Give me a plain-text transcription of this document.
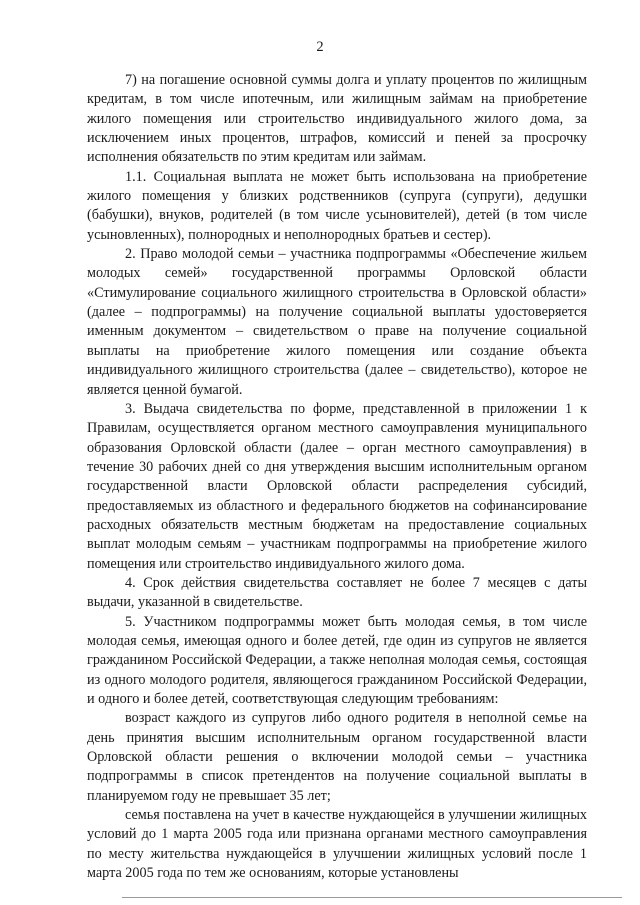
2

7) на погашение основной суммы долга и уплату процентов по жилищным кредитам, в том числе ипотечным, или жилищным займам на приобретение жилого помещения или строительство индивидуального жилого дома, за исключением иных процентов, штрафов, комиссий и пеней за просрочку исполнения обязательств по этим кредитам или займам.

1.1. Социальная выплата не может быть использована на приобретение жилого помещения у близких родственников (супруга (супруги), дедушки (бабушки), внуков, родителей (в том числе усыновителей), детей (в том числе усыновленных), полнородных и неполнородных братьев и сестер).

2. Право молодой семьи – участника подпрограммы «Обеспечение жильем молодых семей» государственной программы Орловской области «Стимулирование социального жилищного строительства в Орловской области» (далее – подпрограммы) на получение социальной выплаты удостоверяется именным документом – свидетельством о праве на получение социальной выплаты на приобретение жилого помещения или создание объекта индивидуального жилищного строительства (далее – свидетельство), которое не является ценной бумагой.

3. Выдача свидетельства по форме, представленной в приложении 1 к Правилам, осуществляется органом местного самоуправления муниципального образования Орловской области (далее – орган местного самоуправления) в течение 30 рабочих дней со дня утверждения высшим исполнительным органом государственной власти Орловской области распределения субсидий, предоставляемых из областного и федерального бюджетов на софинансирование расходных обязательств местным бюджетам на предоставление социальных выплат молодым семьям – участникам подпрограммы на приобретение жилого помещения или строительство индивидуального жилого дома.

4. Срок действия свидетельства составляет не более 7 месяцев с даты выдачи, указанной в свидетельстве.

5. Участником подпрограммы может быть молодая семья, в том числе молодая семья, имеющая одного и более детей, где один из супругов не является гражданином Российской Федерации, а также неполная молодая семья, состоящая из одного молодого родителя, являющегося гражданином Российской Федерации, и одного и более детей, соответствующая следующим требованиям:

возраст каждого из супругов либо одного родителя в неполной семье на день принятия высшим исполнительным органом государственной власти Орловской области решения о включении молодой семьи – участника подпрограммы в список претендентов на получение социальной выплаты в планируемом году не превышает 35 лет;

семья поставлена на учет в качестве нуждающейся в улучшении жилищных условий до 1 марта 2005 года или признана органами местного самоуправления по месту жительства нуждающейся в улучшении жилищных условий после 1 марта 2005 года по тем же основаниям, которые установлены
